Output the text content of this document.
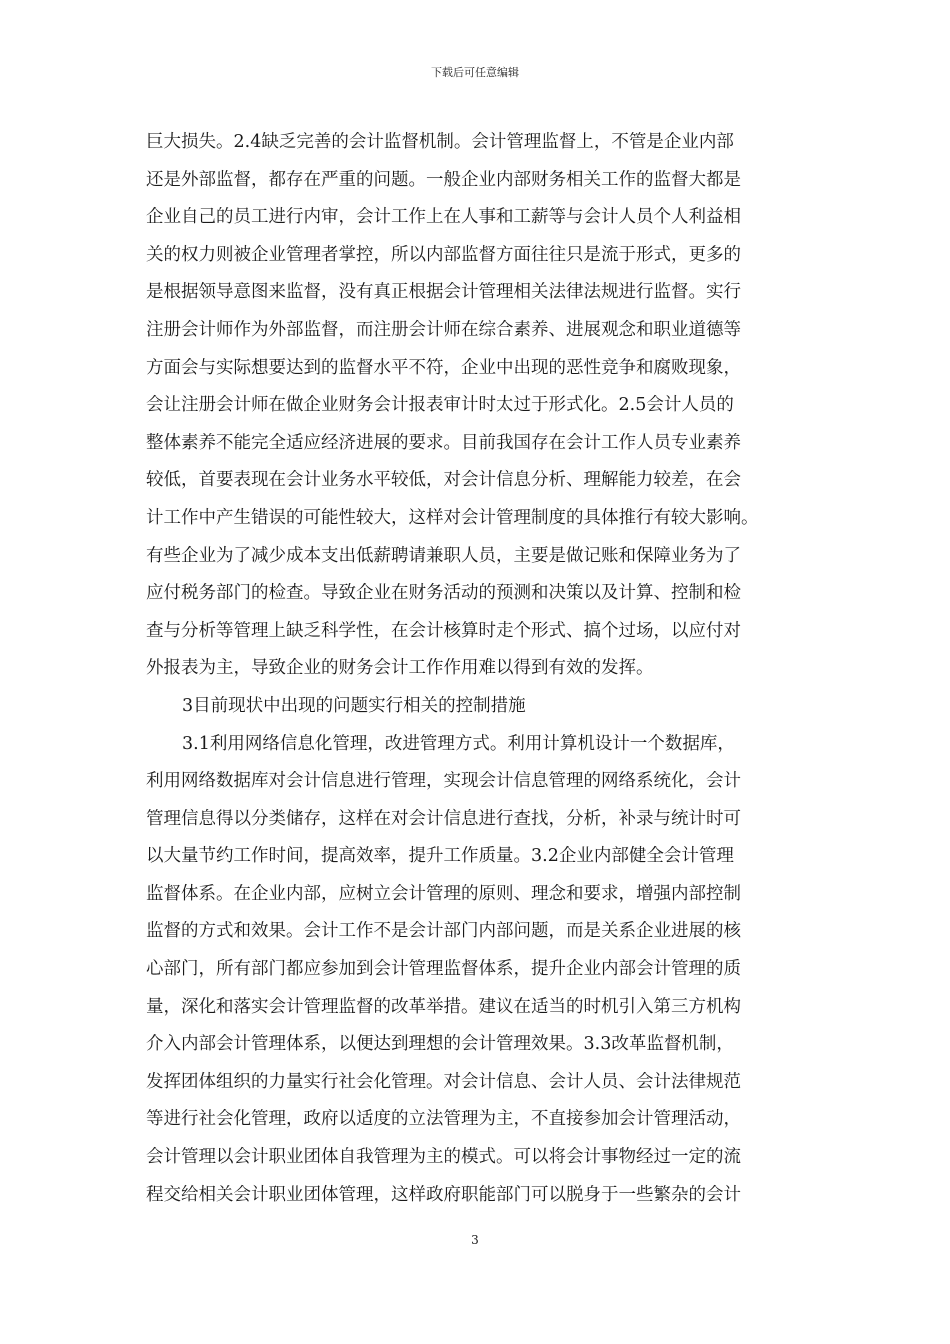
下载后可任意编辑
巨大损失。2.4缺乏完善的会计监督机制。会计管理监督上，不管是企业内部
还是外部监督，都存在严重的问题。一般企业内部财务相关工作的监督大都是
企业自己的员工进行内审，会计工作上在人事和工薪等与会计人员个人利益相
关的权力则被企业管理者掌控，所以内部监督方面往往只是流于形式，更多的
是根据领导意图来监督，没有真正根据会计管理相关法律法规进行监督。实行
注册会计师作为外部监督，而注册会计师在综合素养、进展观念和职业道德等
方面会与实际想要达到的监督水平不符，企业中出现的恶性竞争和腐败现象，
会让注册会计师在做企业财务会计报表审计时太过于形式化。2.5会计人员的
整体素养不能完全适应经济进展的要求。目前我国存在会计工作人员专业素养
较低，首要表现在会计业务水平较低，对会计信息分析、理解能力较差，在会
计工作中产生错误的可能性较大，这样对会计管理制度的具体推行有较大影响。
有些企业为了减少成本支出低薪聘请兼职人员，主要是做记账和保障业务为了
应付税务部门的检查。导致企业在财务活动的预测和决策以及计算、控制和检
查与分析等管理上缺乏科学性，在会计核算时走个形式、搞个过场，以应付对
外报表为主，导致企业的财务会计工作作用难以得到有效的发挥。
3目前现状中出现的问题实行相关的控制措施
3.1利用网络信息化管理，改进管理方式。利用计算机设计一个数据库，
利用网络数据库对会计信息进行管理，实现会计信息管理的网络系统化，会计
管理信息得以分类储存，这样在对会计信息进行查找，分析，补录与统计时可
以大量节约工作时间，提高效率，提升工作质量。3.2企业内部健全会计管理
监督体系。在企业内部，应树立会计管理的原则、理念和要求，增强内部控制
监督的方式和效果。会计工作不是会计部门内部问题，而是关系企业进展的核
心部门，所有部门都应参加到会计管理监督体系，提升企业内部会计管理的质
量，深化和落实会计管理监督的改革举措。建议在适当的时机引入第三方机构
介入内部会计管理体系，以便达到理想的会计管理效果。3.3改革监督机制，
发挥团体组织的力量实行社会化管理。对会计信息、会计人员、会计法律规范
等进行社会化管理，政府以适度的立法管理为主，不直接参加会计管理活动，
会计管理以会计职业团体自我管理为主的模式。可以将会计事物经过一定的流
程交给相关会计职业团体管理，这样政府职能部门可以脱身于一些繁杂的会计
3
